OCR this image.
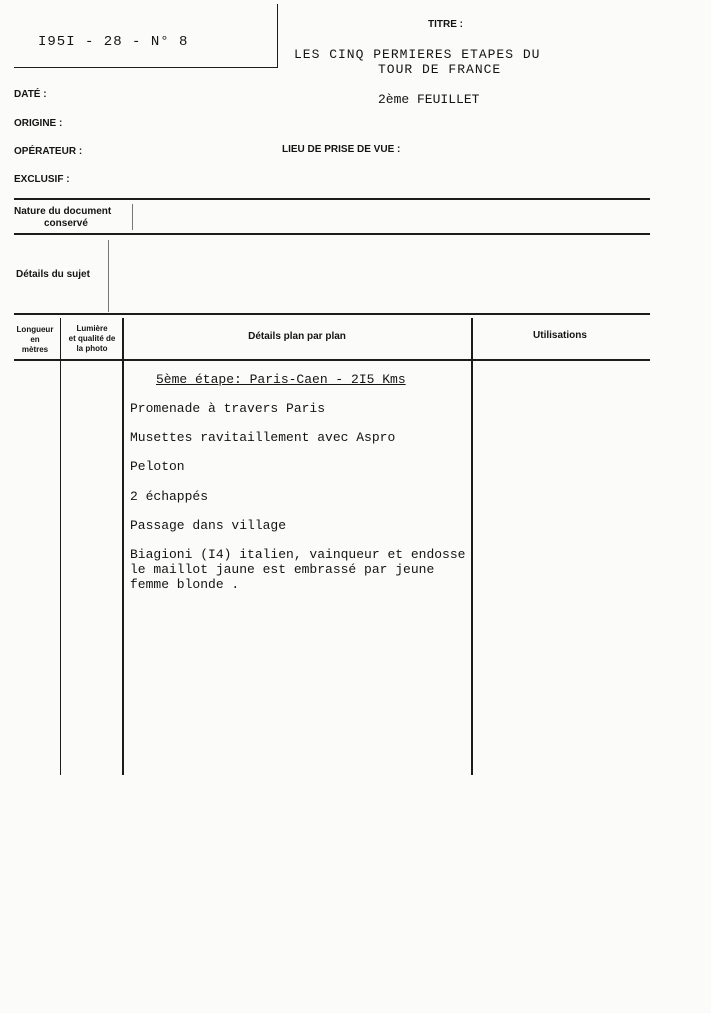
I95I - 28 - N° 8
TITRE :
LES CINQ PERMIERES ETAPES DU
TOUR DE FRANCE
2ème FEUILLET
DATÉ :
ORIGINE :
OPÉRATEUR :	LIEU DE PRISE DE VUE :
EXCLUSIF :
Nature du document
conservé
Détails du sujet
Longueur
en
mètres
Lumière
et qualité de
la photo
Détails plan par plan	Utilisations
5ème étape: Paris-Caen - 2I5 Kms
Promenade à travers Paris
Musettes ravitaillement avec Aspro
Peloton
2 échappés
Passage dans village
Biagioni (I4) italien, vainqueur et endosse
le maillot jaune est embrassé par jeune
femme blonde .
